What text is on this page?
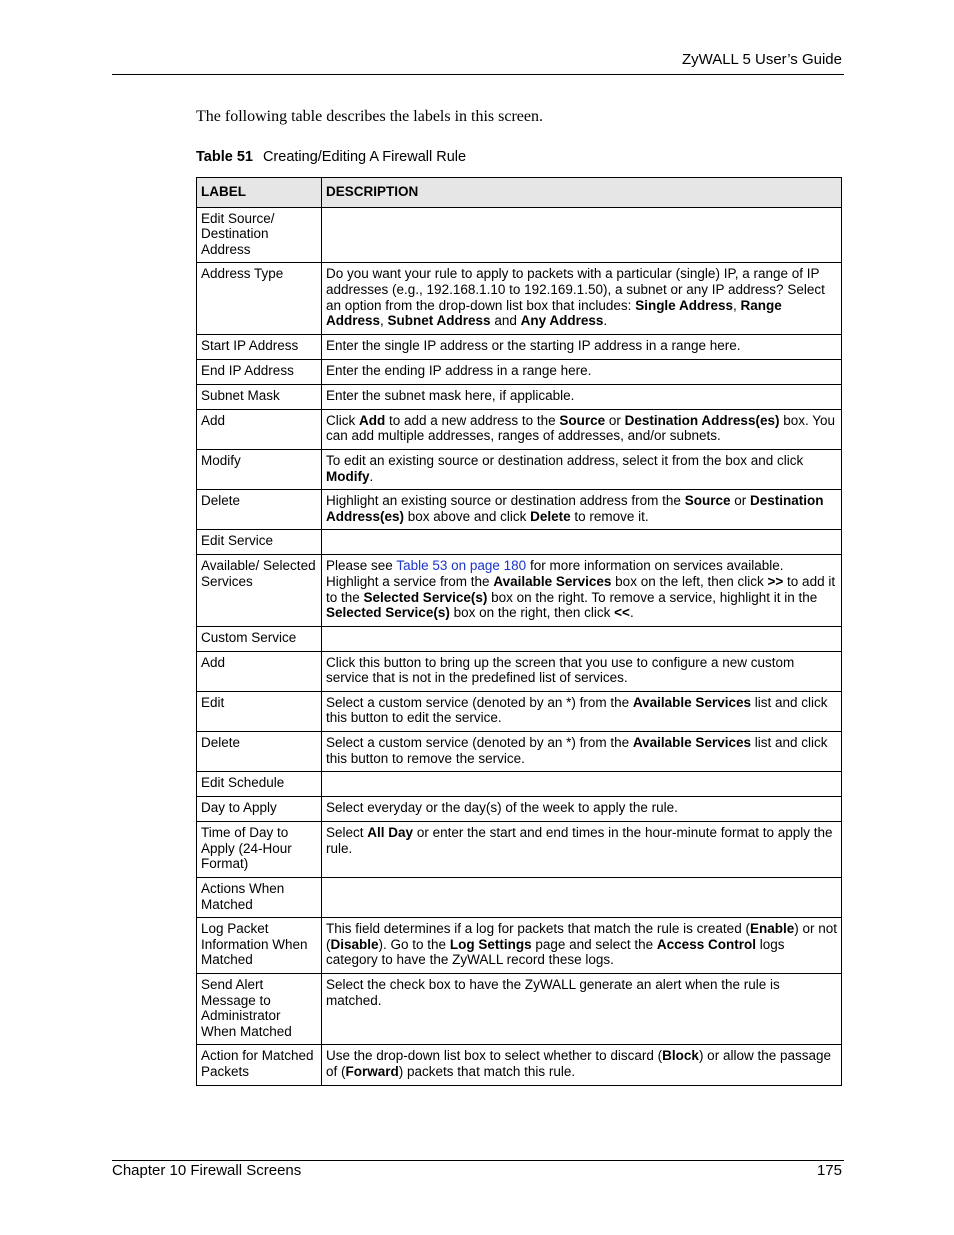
ZyWALL 5 User’s Guide
The following table describes the labels in this screen.
Table 51 Creating/Editing A Firewall Rule
LABEL	DESCRIPTION
Edit Source/ Destination Address	
Address Type	Do you want your rule to apply to packets with a particular (single) IP, a range of IP addresses (e.g., 192.168.1.10 to 192.169.1.50), a subnet or any IP address? Select an option from the drop-down list box that includes: Single Address, Range Address, Subnet Address and Any Address.
Start IP Address	Enter the single IP address or the starting IP address in a range here.
End IP Address	Enter the ending IP address in a range here.
Subnet Mask	Enter the subnet mask here, if applicable.
Add	Click Add to add a new address to the Source or Destination Address(es) box. You can add multiple addresses, ranges of addresses, and/or subnets.
Modify	To edit an existing source or destination address, select it from the box and click Modify.
Delete	Highlight an existing source or destination address from the Source or Destination Address(es) box above and click Delete to remove it.
Edit Service	
Available/ Selected Services	Please see Table 53 on page 180 for more information on services available. Highlight a service from the Available Services box on the left, then click >> to add it to the Selected Service(s) box on the right. To remove a service, highlight it in the Selected Service(s) box on the right, then click <<.
Custom Service	
Add	Click this button to bring up the screen that you use to configure a new custom service that is not in the predefined list of services.
Edit	Select a custom service (denoted by an *) from the Available Services list and click this button to edit the service.
Delete	Select a custom service (denoted by an *) from the Available Services list and click this button to remove the service.
Edit Schedule	
Day to Apply	Select everyday or the day(s) of the week to apply the rule.
Time of Day to Apply (24-Hour Format)	Select All Day or enter the start and end times in the hour-minute format to apply the rule.
Actions When Matched	
Log Packet Information When Matched	This field determines if a log for packets that match the rule is created (Enable) or not (Disable). Go to the Log Settings page and select the Access Control logs category to have the ZyWALL record these logs.
Send Alert Message to Administrator When Matched	Select the check box to have the ZyWALL generate an alert when the rule is matched.
Action for Matched Packets	Use the drop-down list box to select whether to discard (Block) or allow the passage of (Forward) packets that match this rule.
Chapter 10 Firewall Screens	175
